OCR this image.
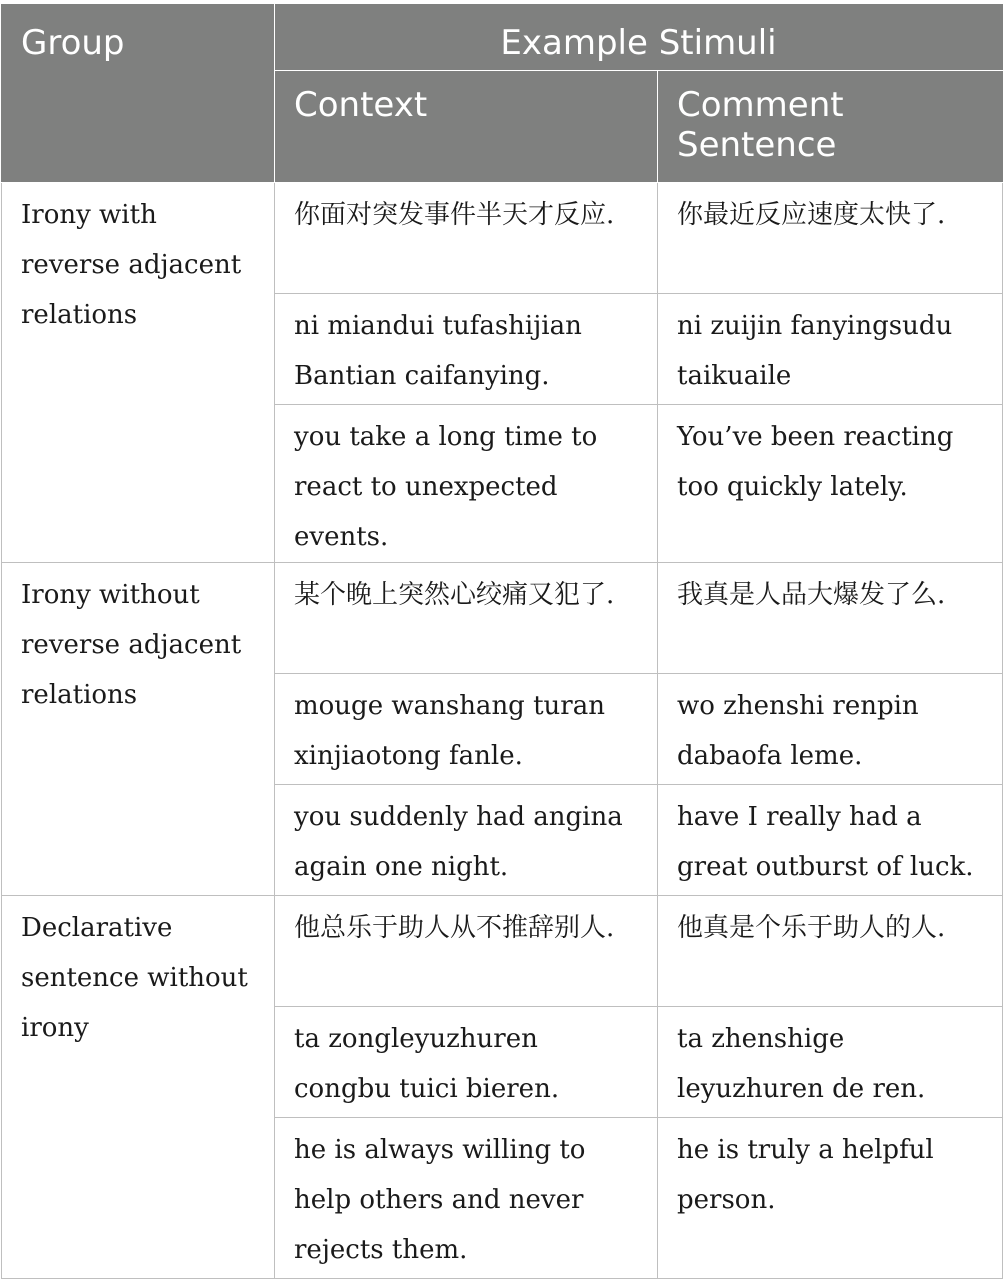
Group	Example Stimuli	
	Context	Comment Sentence

Irony with reverse adjacent relations	你面对突发事件半天才反应.	你最近反应速度太快了.

	ni miandui tufashijian Bantian caifanying.	ni zuijin fanyingsudu taikuaile

	you take a long time to react to unexpected events.	You’ve been reacting too quickly lately.

Irony without reverse adjacent relations	某个晚上突然心绞痛又犯了.	我真是人品大爆发了么.

	mouge wanshang turan xinjiaotong fanle.	wo zhenshi renpin dabaofa leme.

	you suddenly had angina again one night.	have I really had a great outburst of luck.

Declarative sentence without irony	他总乐于助人从不推辞别人.	他真是个乐于助人的人.

	ta zongleyuzhuren congbu tuici bieren.	ta zhenshige leyuzhuren de ren.

	he is always willing to help others and never rejects them.	he is truly a helpful person.
